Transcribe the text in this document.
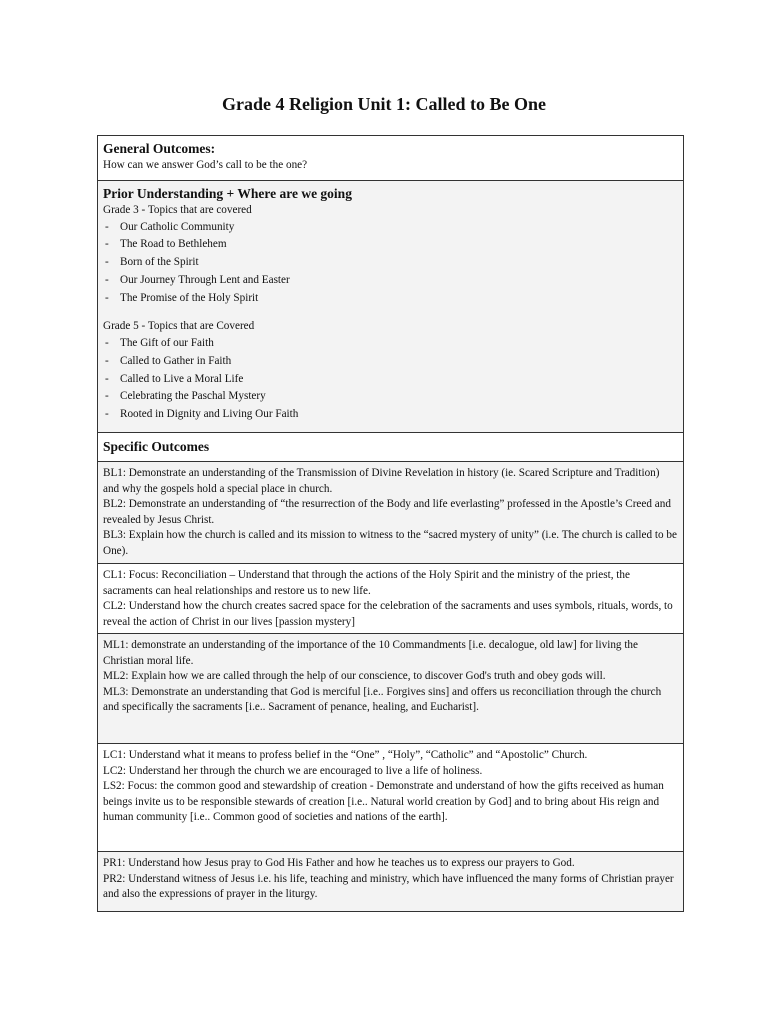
Grade 4 Religion Unit 1: Called to Be One
General Outcomes:

How can we answer God’s call to be the one?

Prior Understanding + Where are we going

Grade 3 - Topics that are covered

- Our Catholic Community
- The Road to Bethlehem
- Born of the Spirit
- Our Journey Through Lent and Easter
- The Promise of the Holy Spirit

Grade 5 - Topics that are Covered

- The Gift of our Faith
- Called to Gather in Faith
- Called to Live a Moral Life
- Celebrating the Paschal Mystery
- Rooted in Dignity and Living Our Faith
Specific Outcomes

BL1: Demonstrate an understanding of the Transmission of Divine Revelation in history (ie. Scared Scripture and Tradition) and why the gospels hold a special place in church.

BL2: Demonstrate an understanding of “the resurrection of the Body and life everlasting” professed in the Apostle’s Creed and revealed by Jesus Christ.

BL3: Explain how the church is called and its mission to witness to the “sacred mystery of unity” (i.e. The church is called to be One).

CL1: Focus: Reconciliation – Understand that through the actions of the Holy Spirit and the ministry of the priest, the sacraments can heal relationships and restore us to new life.

CL2: Understand how the church creates sacred space for the celebration of the sacraments and uses symbols, rituals, words, to reveal the action of Christ in our lives [passion mystery]

ML1: demonstrate an understanding of the importance of the 10 Commandments [i.e. decalogue, old law] for living the Christian moral life.

ML2: Explain how we are called through the help of our conscience, to discover God's truth and obey gods will.

ML3: Demonstrate an understanding that God is merciful [i.e.. Forgives sins] and offers us reconciliation through the church and specifically the sacraments [i.e.. Sacrament of penance, healing, and Eucharist].

LC1: Understand what it means to profess belief in the “One” , “Holy”, “Catholic” and “Apostolic” Church.

LC2: Understand her through the church we are encouraged to live a life of holiness.

LS2: Focus: the common good and stewardship of creation - Demonstrate and understand of how the gifts received as human beings invite us to be responsible stewards of creation [i.e.. Natural world creation by God] and to bring about His reign and human community [i.e.. Common good of societies and nations of the earth].

PR1: Understand how Jesus pray to God His Father and how he teaches us to express our prayers to God.

PR2: Understand witness of Jesus i.e. his life, teaching and ministry, which have influenced the many forms of Christian prayer and also the expressions of prayer in the liturgy.
